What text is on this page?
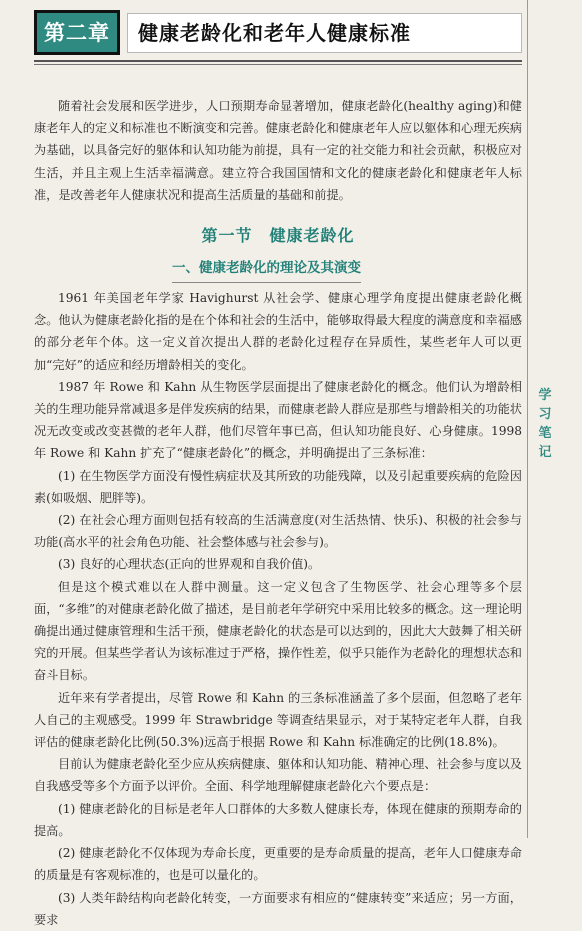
第二章	健康老龄化和老年人健康标准
学
习
笔
记

随着社会发展和医学进步，人口预期寿命显著增加，健康老龄化(healthy aging)和健康老年人的定义和标准也不断演变和完善。健康老龄化和健康老年人应以躯体和心理无疾病为基础，以具备完好的躯体和认知功能为前提，具有一定的社交能力和社会贡献，积极应对生活，并且主观上生活幸福满意。建立符合我国国情和文化的健康老龄化和健康老年人标准，是改善老年人健康状况和提高生活质量的基础和前提。

第一节　健康老龄化
一、健康老龄化的理论及其演变

1961 年美国老年学家 Havighurst 从社会学、健康心理学角度提出健康老龄化概念。他认为健康老龄化指的是在个体和社会的生活中，能够取得最大程度的满意度和幸福感的部分老年个体。这一定义首次提出人群的老龄化过程存在异质性，某些老年人可以更加“完好”的适应和经历增龄相关的变化。

1987 年 Rowe 和 Kahn 从生物医学层面提出了健康老龄化的概念。他们认为增龄相关的生理功能异常减退多是伴发疾病的结果，而健康老龄人群应是那些与增龄相关的功能状况无改变或改变甚微的老年人群，他们尽管年事已高，但认知功能良好、心身健康。1998 年 Rowe 和 Kahn 扩充了“健康老龄化”的概念，并明确提出了三条标准：

(1) 在生物医学方面没有慢性病症状及其所致的功能残障，以及引起重要疾病的危险因素(如吸烟、肥胖等)。

(2) 在社会心理方面则包括有较高的生活满意度(对生活热情、快乐)、积极的社会参与功能(高水平的社会角色功能、社会整体感与社会参与)。

(3) 良好的心理状态(正向的世界观和自我价值)。

但是这个模式难以在人群中测量。这一定义包含了生物医学、社会心理等多个层面，“多维”的对健康老龄化做了描述，是目前老年学研究中采用比较多的概念。这一理论明确提出通过健康管理和生活干预，健康老龄化的状态是可以达到的，因此大大鼓舞了相关研究的开展。但某些学者认为该标准过于严格，操作性差，似乎只能作为老龄化的理想状态和奋斗目标。

近年来有学者提出，尽管 Rowe 和 Kahn 的三条标准涵盖了多个层面，但忽略了老年人自己的主观感受。1999 年 Strawbridge 等调查结果显示，对于某特定老年人群，自我评估的健康老龄化比例(50.3%)远高于根据 Rowe 和 Kahn 标准确定的比例(18.8%)。

目前认为健康老龄化至少应从疾病健康、躯体和认知功能、精神心理、社会参与度以及自我感受等多个方面予以评价。全面、科学地理解健康老龄化六个要点是：

(1) 健康老龄化的目标是老年人口群体的大多数人健康长寿，体现在健康的预期寿命的提高。

(2) 健康老龄化不仅体现为寿命长度，更重要的是寿命质量的提高，老年人口健康寿命的质量是有客观标准的，也是可以量化的。

(3) 人类年龄结构向老龄化转变，一方面要求有相应的“健康转变”来适应；另一方面，要求
